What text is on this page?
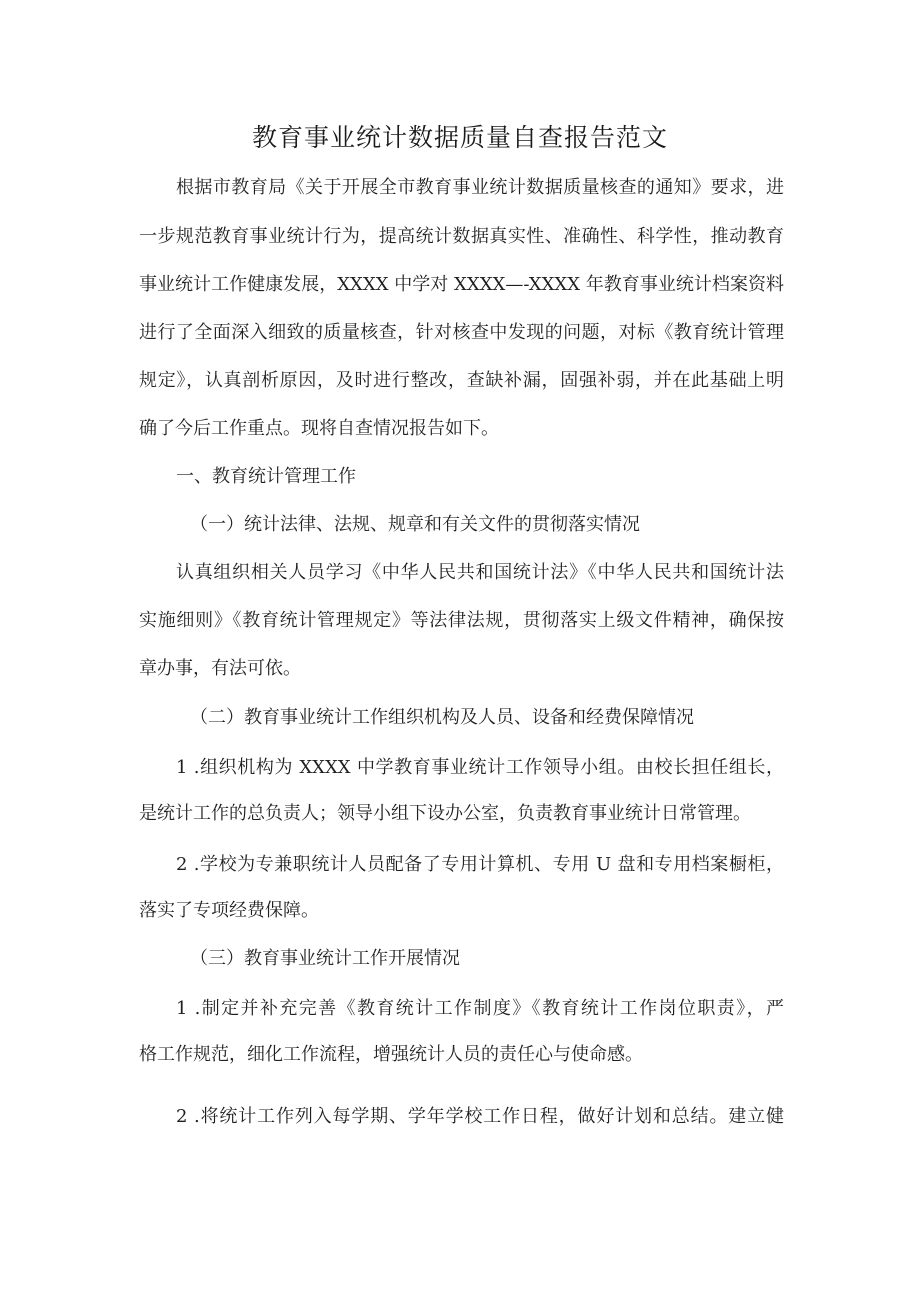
教育事业统计数据质量自查报告范文
根据市教育局《关于开展全市教育事业统计数据质量核查的通知》要求，进
一步规范教育事业统计行为，提高统计数据真实性、准确性、科学性，推动教育
事业统计工作健康发展，XXXX 中学对 XXXX—-XXXX 年教育事业统计档案资料
进行了全面深入细致的质量核查，针对核查中发现的问题，对标《教育统计管理
规定》，认真剖析原因，及时进行整改，查缺补漏，固强补弱，并在此基础上明
确了今后工作重点。现将自查情况报告如下。
一、教育统计管理工作
（一）统计法律、法规、规章和有关文件的贯彻落实情况
认真组织相关人员学习《中华人民共和国统计法》《中华人民共和国统计法
实施细则》《教育统计管理规定》等法律法规，贯彻落实上级文件精神，确保按
章办事，有法可依。
（二）教育事业统计工作组织机构及人员、设备和经费保障情况
1 .组织机构为 XXXX 中学教育事业统计工作领导小组。由校长担任组长，
是统计工作的总负责人；领导小组下设办公室，负责教育事业统计日常管理。
2 .学校为专兼职统计人员配备了专用计算机、专用 U 盘和专用档案橱柜，
落实了专项经费保障。
（三）教育事业统计工作开展情况
1 .制定并补充完善《教育统计工作制度》《教育统计工作岗位职责》，严
格工作规范，细化工作流程，增强统计人员的责任心与使命感。
2 .将统计工作列入每学期、学年学校工作日程，做好计划和总结。建立健
